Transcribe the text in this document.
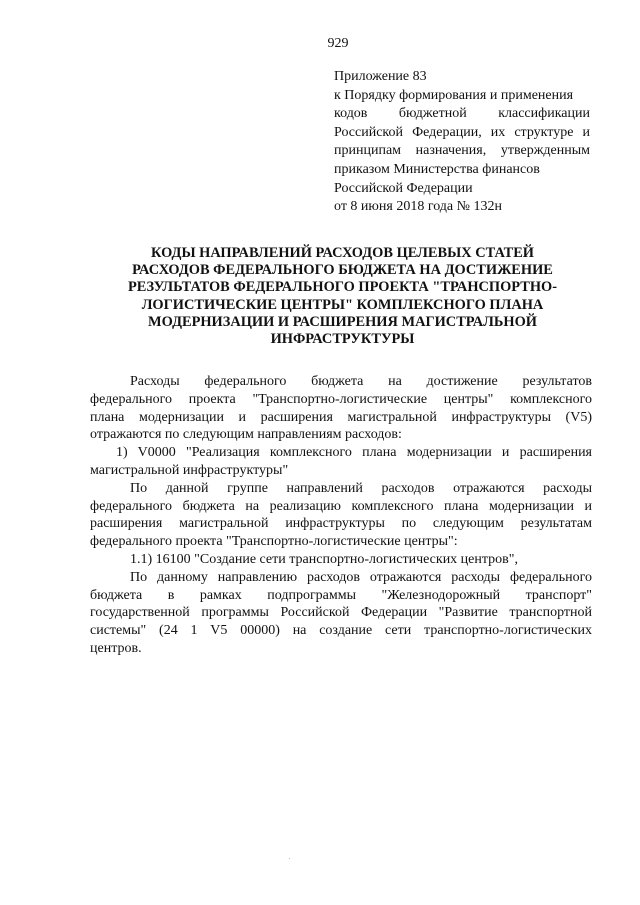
929
Приложение 83
к Порядку формирования и применения
кодов бюджетной классификации
Российской Федерации, их структуре и
принципам назначения, утвержденным
приказом Министерства финансов
Российской Федерации
от 8 июня 2018 года № 132н
КОДЫ НАПРАВЛЕНИЙ РАСХОДОВ ЦЕЛЕВЫХ СТАТЕЙ
РАСХОДОВ ФЕДЕРАЛЬНОГО БЮДЖЕТА НА ДОСТИЖЕНИЕ
РЕЗУЛЬТАТОВ ФЕДЕРАЛЬНОГО ПРОЕКТА "ТРАНСПОРТНО-
ЛОГИСТИЧЕСКИЕ ЦЕНТРЫ" КОМПЛЕКСНОГО ПЛАНА
МОДЕРНИЗАЦИИ И РАСШИРЕНИЯ МАГИСТРАЛЬНОЙ
ИНФРАСТРУКТУРЫ
Расходы федерального бюджета на достижение результатов
федерального проекта "Транспортно-логистические центры" комплексного
плана модернизации и расширения магистральной инфраструктуры (V5)
отражаются по следующим направлениям расходов:
1) V0000 "Реализация комплексного плана модернизации и расширения
магистральной инфраструктуры"
По данной группе направлений расходов отражаются расходы
федерального бюджета на реализацию комплексного плана модернизации и
расширения магистральной инфраструктуры по следующим результатам
федерального проекта "Транспортно-логистические центры":
1.1) 16100 "Создание сети транспортно-логистических центров",
По данному направлению расходов отражаются расходы федерального
бюджета в рамках подпрограммы "Железнодорожный транспорт"
государственной программы Российской Федерации "Развитие транспортной
системы" (24 1 V5 00000) на создание сети транспортно-логистических
центров.
